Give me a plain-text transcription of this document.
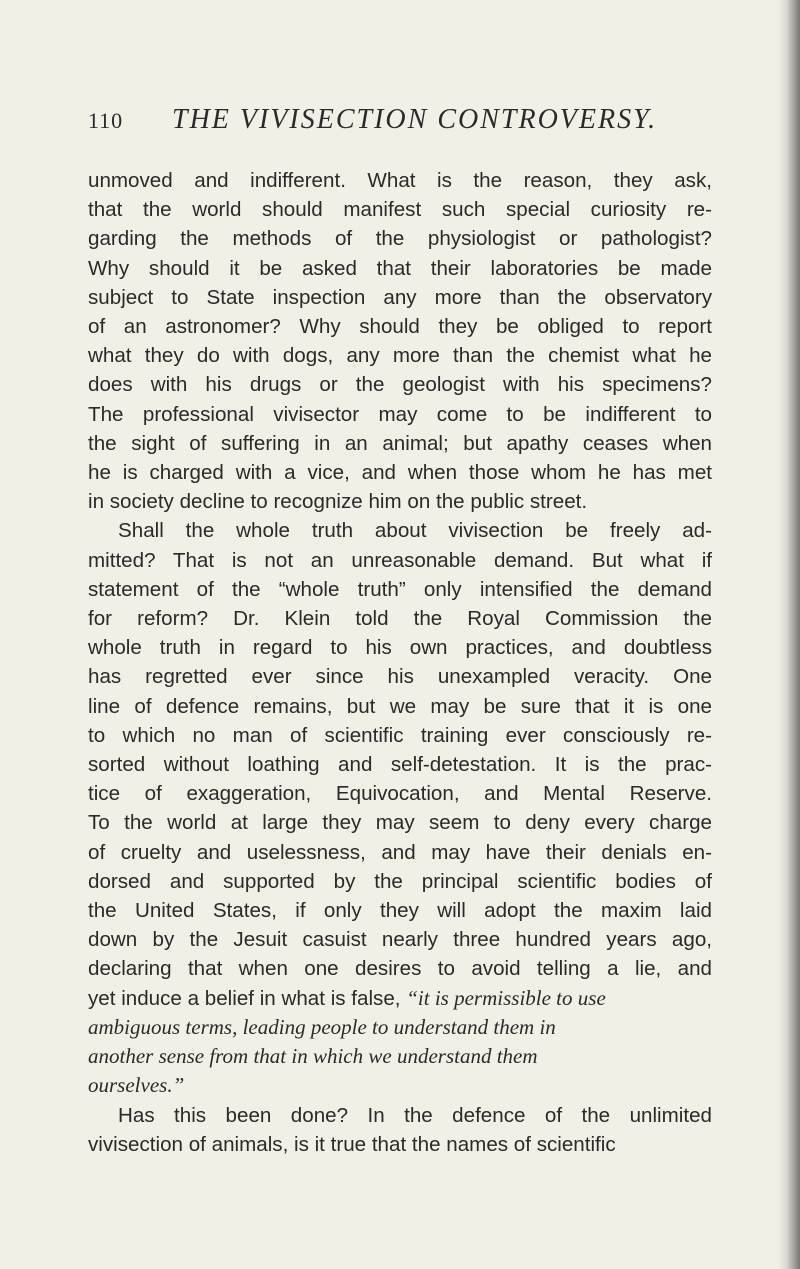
110 THE VIVISECTION CONTROVERSY.
unmoved and indifferent. What is the reason, they ask,
that the world should manifest such special curiosity re-
garding the methods of the physiologist or pathologist?
Why should it be asked that their laboratories be made
subject to State inspection any more than the observatory
of an astronomer? Why should they be obliged to report
what they do with dogs, any more than the chemist what he
does with his drugs or the geologist with his specimens?
The professional vivisector may come to be indifferent to
the sight of suffering in an animal; but apathy ceases when
he is charged with a vice, and when those whom he has met
in society decline to recognize him on the public street.
Shall the whole truth about vivisection be freely ad-
mitted? That is not an unreasonable demand. But what if
statement of the “whole truth” only intensified the demand
for reform? Dr. Klein told the Royal Commission the
whole truth in regard to his own practices, and doubtless
has regretted ever since his unexampled veracity. One
line of defence remains, but we may be sure that it is one
to which no man of scientific training ever consciously re-
sorted without loathing and self-detestation. It is the prac-
tice of exaggeration, Equivocation, and Mental Reserve.
To the world at large they may seem to deny every charge
of cruelty and uselessness, and may have their denials en-
dorsed and supported by the principal scientific bodies of
the United States, if only they will adopt the maxim laid
down by the Jesuit casuist nearly three hundred years ago,
declaring that when one desires to avoid telling a lie, and
yet induce a belief in what is false, “it is permissible to use
ambiguous terms, leading people to understand them in
another sense from that in which we understand them
ourselves.”
Has this been done? In the defence of the unlimited
vivisection of animals, is it true that the names of scientific
